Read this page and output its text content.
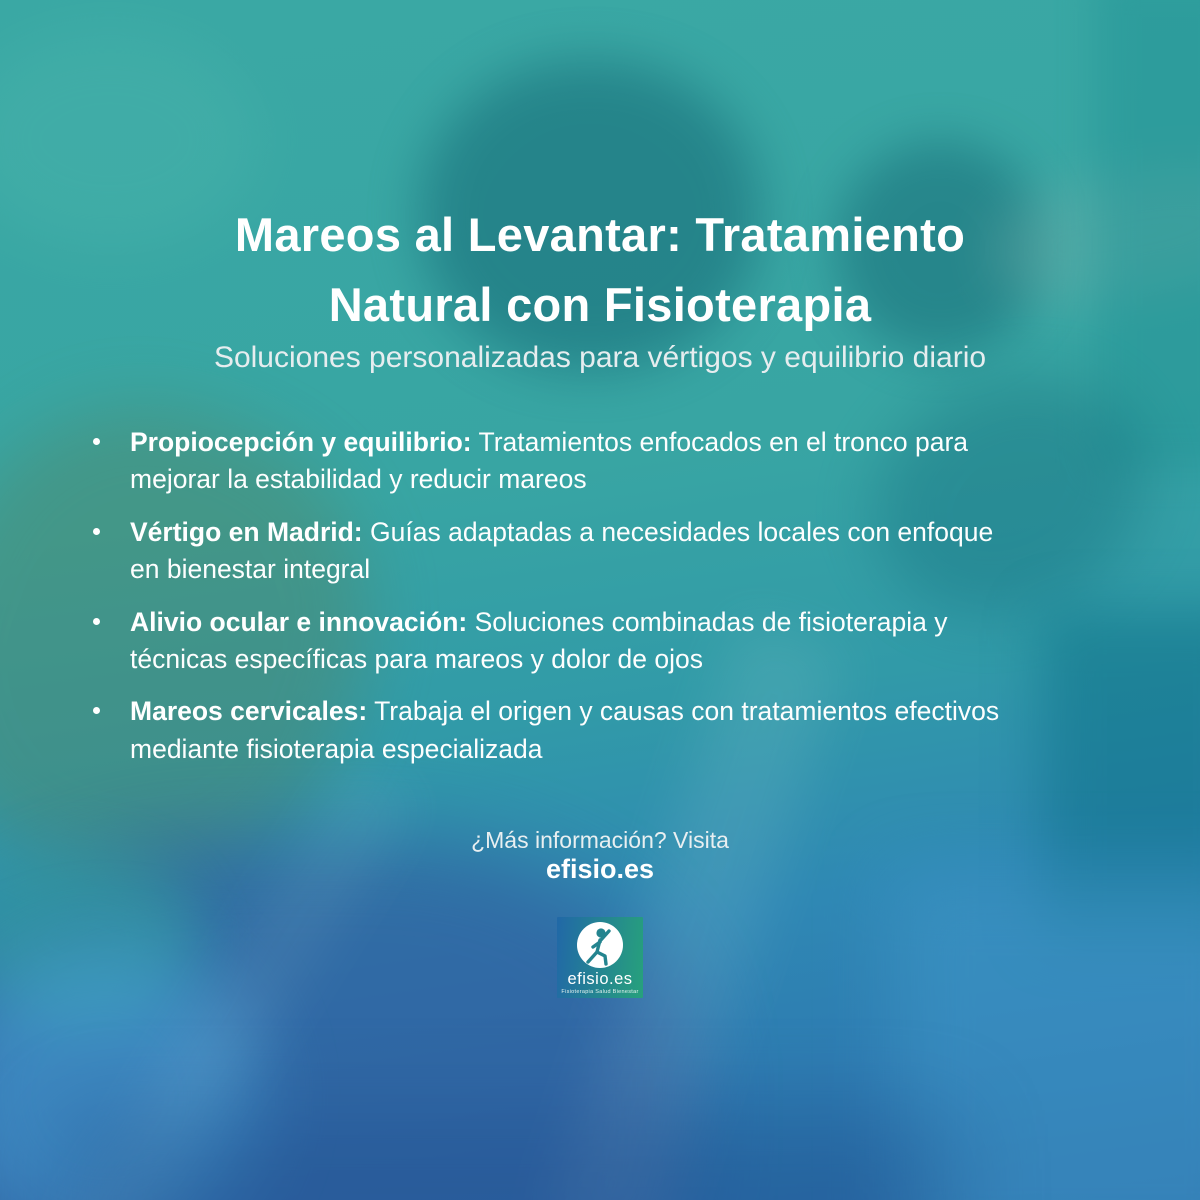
Mareos al Levantar: Tratamiento
Natural con Fisioterapia
Soluciones personalizadas para vértigos y equilibrio diario
Propiocepción y equilibrio: Tratamientos enfocados en el tronco para mejorar la estabilidad y reducir mareos
Vértigo en Madrid: Guías adaptadas a necesidades locales con enfoque en bienestar integral
Alivio ocular e innovación: Soluciones combinadas de fisioterapia y técnicas específicas para mareos y dolor de ojos
Mareos cervicales: Trabaja el origen y causas con tratamientos efectivos mediante fisioterapia especializada
¿Más información? Visita
efisio.es
efisio.es
Fisioterapia Salud Bienestar
